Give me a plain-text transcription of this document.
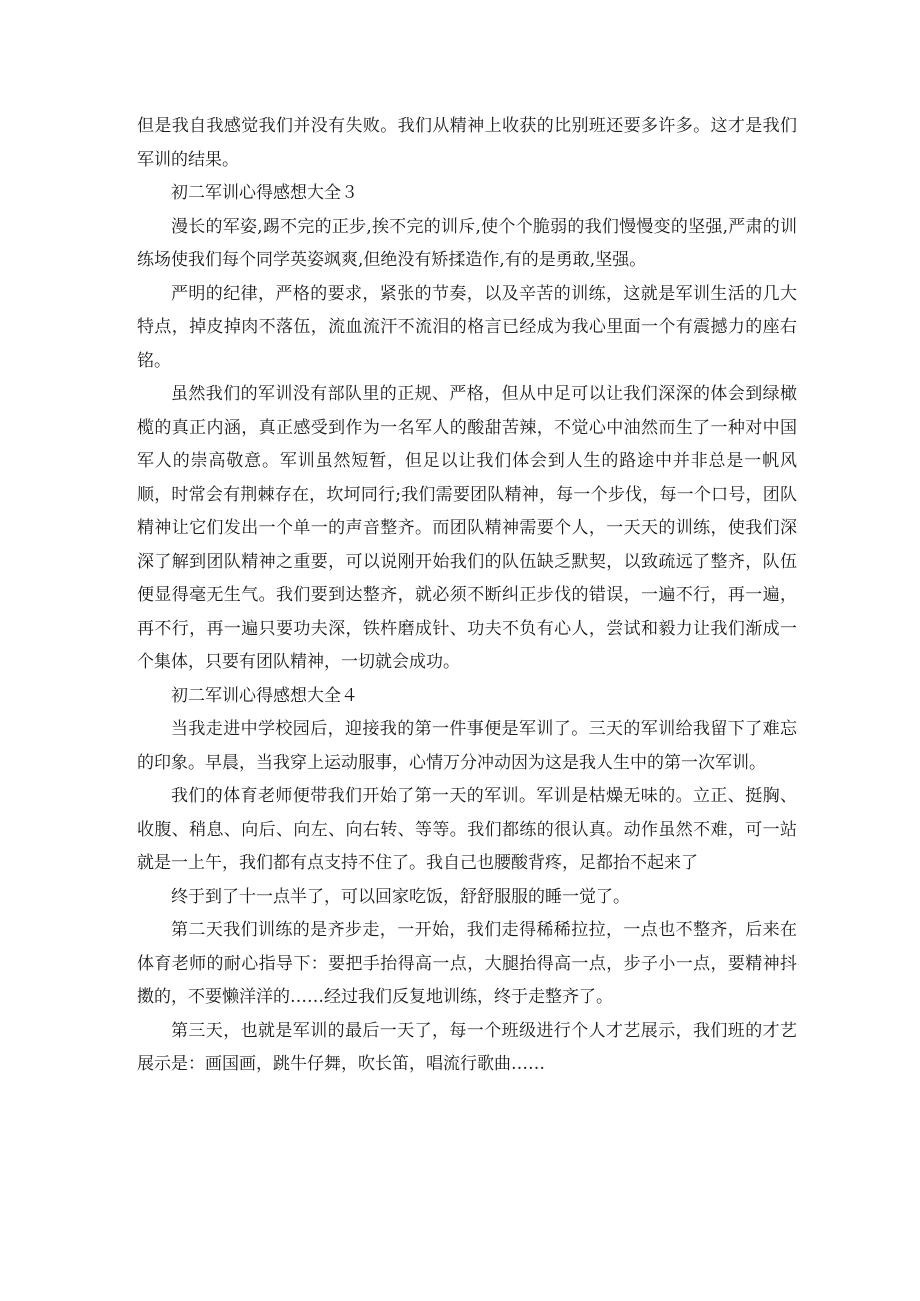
但是我自我感觉我们并没有失败。我们从精神上收获的比别班还要多许多。这才是我们军训的结果。

初二军训心得感想大全３

漫长的军姿,踢不完的正步,挨不完的训斥,使个个脆弱的我们慢慢变的坚强,严肃的训练场使我们每个同学英姿飒爽,但绝没有矫揉造作,有的是勇敢,坚强。

严明的纪律，严格的要求，紧张的节奏，以及辛苦的训练，这就是军训生活的几大特点，掉皮掉肉不落伍，流血流汗不流泪的格言已经成为我心里面一个有震撼力的座右铭。

虽然我们的军训没有部队里的正规、严格，但从中足可以让我们深深的体会到绿橄榄的真正内涵，真正感受到作为一名军人的酸甜苦辣，不觉心中油然而生了一种对中国军人的崇高敬意。军训虽然短暂，但足以让我们体会到人生的路途中并非总是一帆风顺，时常会有荆棘存在，坎坷同行;我们需要团队精神，每一个步伐，每一个口号，团队精神让它们发出一个单一的声音整齐。而团队精神需要个人，一天天的训练，使我们深深了解到团队精神之重要，可以说刚开始我们的队伍缺乏默契，以致疏远了整齐，队伍便显得毫无生气。我们要到达整齐，就必须不断纠正步伐的错误，一遍不行，再一遍，再不行，再一遍只要功夫深，铁杵磨成针、功夫不负有心人，尝试和毅力让我们渐成一个集体，只要有团队精神，一切就会成功。

初二军训心得感想大全４

当我走进中学校园后，迎接我的第一件事便是军训了。三天的军训给我留下了难忘的印象。早晨，当我穿上运动服事，心情万分冲动因为这是我人生中的第一次军训。

我们的体育老师便带我们开始了第一天的军训。军训是枯燥无味的。立正、挺胸、收腹、稍息、向后、向左、向右转、等等。我们都练的很认真。动作虽然不难，可一站就是一上午，我们都有点支持不住了。我自己也腰酸背疼，足都抬不起来了

终于到了十一点半了，可以回家吃饭，舒舒服服的睡一觉了。

第二天我们训练的是齐步走，一开始，我们走得稀稀拉拉，一点也不整齐，后来在体育老师的耐心指导下：要把手抬得高一点，大腿抬得高一点，步子小一点，要精神抖擞的，不要懒洋洋的……经过我们反复地训练，终于走整齐了。

第三天，也就是军训的最后一天了，每一个班级进行个人才艺展示，我们班的才艺展示是：画国画，跳牛仔舞，吹长笛，唱流行歌曲……
